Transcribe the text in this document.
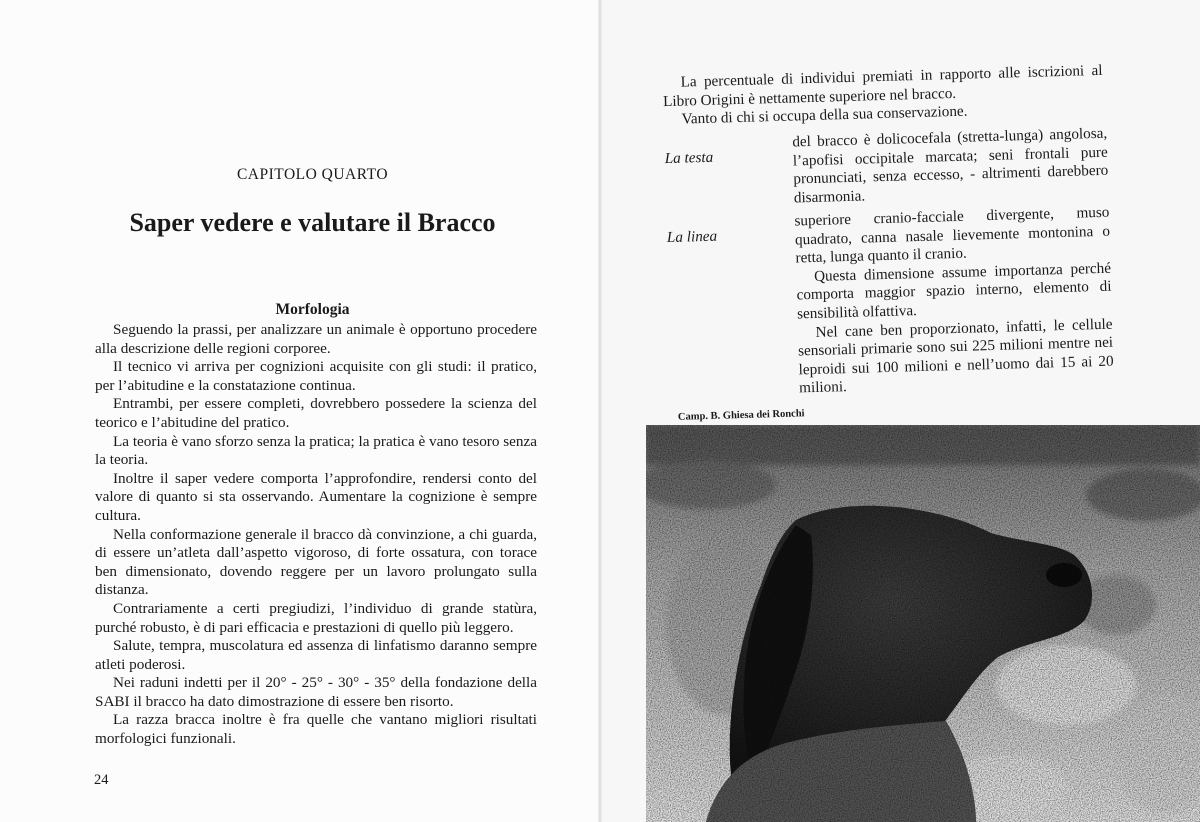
CAPITOLO QUARTO
Saper vedere e valutare il Bracco
Morfologia

Seguendo la prassi, per analizzare un animale è opportuno procedere alla descrizione delle regioni corporee.

Il tecnico vi arriva per cognizioni acquisite con gli studi: il pratico, per l’abitudine e la constatazione continua.

Entrambi, per essere completi, dovrebbero possedere la scienza del teorico e l’abitudine del pratico.

La teoria è vano sforzo senza la pratica; la pratica è vano tesoro senza la teoria.

Inoltre il saper vedere comporta l’approfondire, rendersi conto del valore di quanto si sta osservando. Aumentare la cognizione è sempre cultura.

Nella conformazione generale il bracco dà convinzione, a chi guarda, di essere un’atleta dall’aspetto vigoroso, di forte ossatura, con torace ben dimensionato, dovendo reggere per un lavoro prolungato sulla distanza.

Contrariamente a certi pregiudizi, l’individuo di grande statùra, purché robusto, è di pari efficacia e prestazioni di quello più leggero.

Salute, tempra, muscolatura ed assenza di linfatismo daranno sempre atleti poderosi.

Nei raduni indetti per il 20° - 25° - 30° - 35° della fondazione della SABI il bracco ha dato dimostrazione di essere ben risorto.

La razza bracca inoltre è fra quelle che vantano migliori risultati morfologici funzionali.

24

La percentuale di individui premiati in rapporto alle iscrizioni al Libro Origini è nettamente superiore nel bracco.

Vanto di chi si occupa della sua conservazione.

La testa

del bracco è dolicocefala (stretta-lunga) angolosa, l’apofisi occipitale marcata; seni frontali pure pronunciati, senza eccesso, - altrimenti darebbero disarmonia.

La linea

superiore cranio-facciale divergente, muso quadrato, canna nasale lievemente montonina o retta, lunga quanto il cranio.

Questa dimensione assume importanza perché comporta maggior spazio interno, elemento di sensibilità olfattiva.

Nel cane ben proporzionato, infatti, le cellule sensoriali primarie sono sui 225 milioni mentre nei leproidi sui 100 milioni e nell’uomo dai 15 ai 20 milioni.

Camp. B. Ghiesa dei Ronchi
